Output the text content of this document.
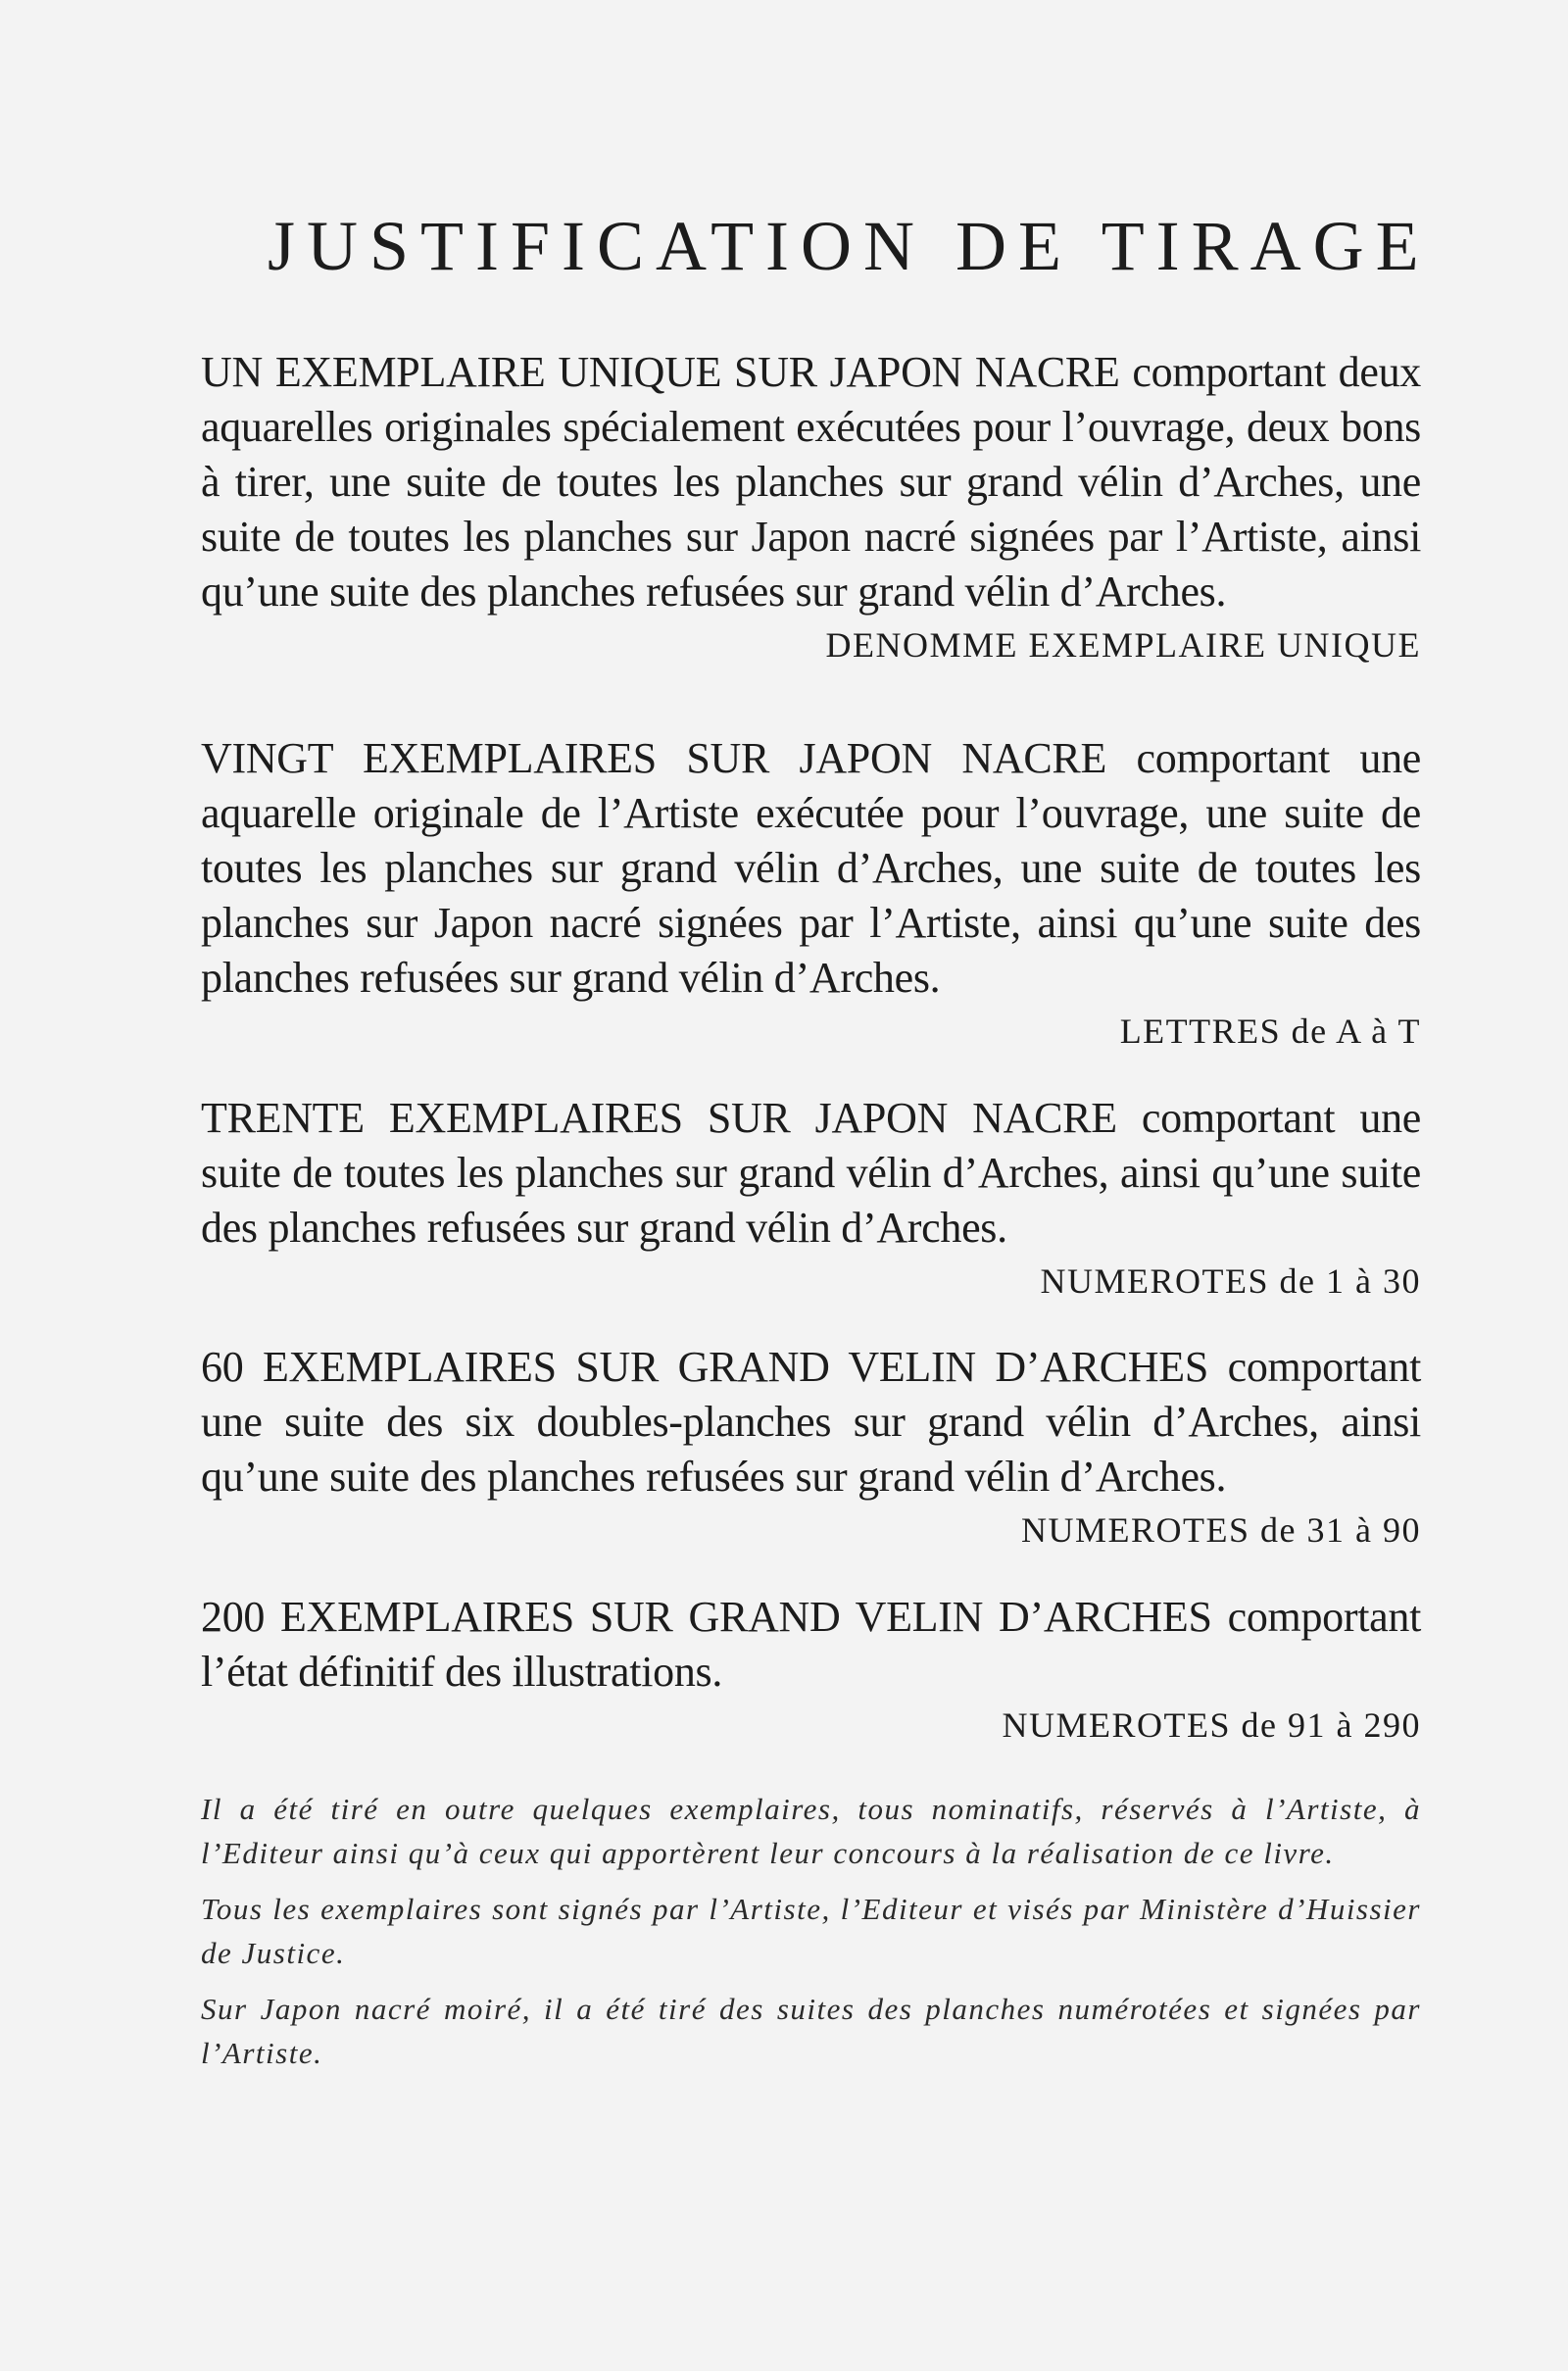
JUSTIFICATION DE TIRAGE

UN EXEMPLAIRE UNIQUE SUR JAPON NACRE comportant deux aquarelles originales spécialement exécutées pour l’ouvrage, deux bons à tirer, une suite de toutes les planches sur grand vélin d’Arches, une suite de toutes les planches sur Japon nacré signées par l’Artiste, ainsi qu’une suite des planches refusées sur grand vélin d’Arches.

DENOMME EXEMPLAIRE UNIQUE

VINGT EXEMPLAIRES SUR JAPON NACRE comportant une aquarelle originale de l’Artiste exécutée pour l’ouvrage, une suite de toutes les planches sur grand vélin d’Arches, une suite de toutes les planches sur Japon nacré signées par l’Artiste, ainsi qu’une suite des planches refusées sur grand vélin d’Arches.

LETTRES de A à T

TRENTE EXEMPLAIRES SUR JAPON NACRE comportant une suite de toutes les planches sur grand vélin d’Arches, ainsi qu’une suite des planches refusées sur grand vélin d’Arches.

NUMEROTES de 1 à 30

60 EXEMPLAIRES SUR GRAND VELIN D’ARCHES comportant une suite des six doubles-planches sur grand vélin d’Arches, ainsi qu’une suite des planches refusées sur grand vélin d’Arches.

NUMEROTES de 31 à 90

200 EXEMPLAIRES SUR GRAND VELIN D’ARCHES comportant l’état définitif des illustrations.

NUMEROTES de 91 à 290

Il a été tiré en outre quelques exemplaires, tous nominatifs, réservés à l’Artiste, à l’Editeur ainsi qu’à ceux qui apportèrent leur concours à la réalisation de ce livre.

Tous les exemplaires sont signés par l’Artiste, l’Editeur et visés par Ministère d’Huissier de Justice.

Sur Japon nacré moiré, il a été tiré des suites des planches numérotées et signées par l’Artiste.
